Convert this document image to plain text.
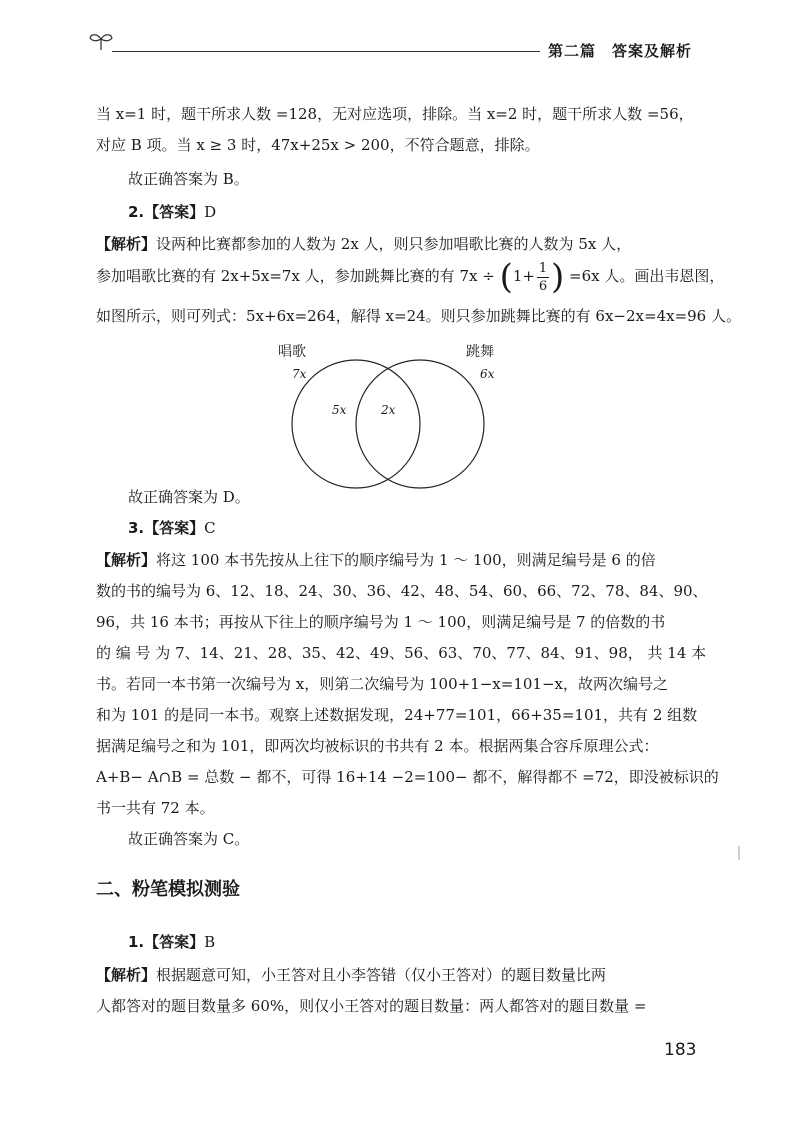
第二篇　答案及解析
当 x=1 时，题干所求人数 =128，无对应选项，排除。当 x=2 时，题干所求人数 =56，
对应 B 项。当 x ≥ 3 时，47x+25x > 200，不符合题意，排除。
故正确答案为 B。
2.【答案】D
【解析】设两种比赛都参加的人数为 2x 人，则只参加唱歌比赛的人数为 5x 人，
参加唱歌比赛的有 2x+5x=7x 人，参加跳舞比赛的有 $7x \div (1+ \frac{1}{6}$ ) =6x 人。画出韦恩图，
如图所示，则可列式：5x+6x=264，解得 x=24。则只参加跳舞比赛的有 6x−2x=4x=96 人。
唱歌	跳舞
7x	6x
5x	2x
故正确答案为 D。
3.【答案】C
【解析】将这 100 本书先按从上往下的顺序编号为 1 ～ 100，则满足编号是 6 的倍
数的书的编号为 6、12、18、24、30、36、42、48、54、60、66、72、78、84、90、
96，共 16 本书；再按从下往上的顺序编号为 1 ～ 100，则满足编号是 7 的倍数的书
的 编 号 为 7、14、21、28、35、42、49、56、63、70、77、84、91、98， 共 14 本
书。若同一本书第一次编号为 x，则第二次编号为 100+1−x=101−x，故两次编号之
和为 101 的是同一本书。观察上述数据发现，24+77=101，66+35=101，共有 2 组数
据满足编号之和为 101，即两次均被标识的书共有 2 本。根据两集合容斥原理公式：
A+B− A∩B = 总数 − 都不，可得 16+14 −2=100− 都不，解得都不 =72，即没被标识的
书一共有 72 本。
故正确答案为 C。
二、粉笔模拟测验
1.【答案】B
【解析】根据题意可知，小王答对且小李答错（仅小王答对）的题目数量比两
人都答对的题目数量多 60%，则仅小王答对的题目数量：两人都答对的题目数量 =
183
